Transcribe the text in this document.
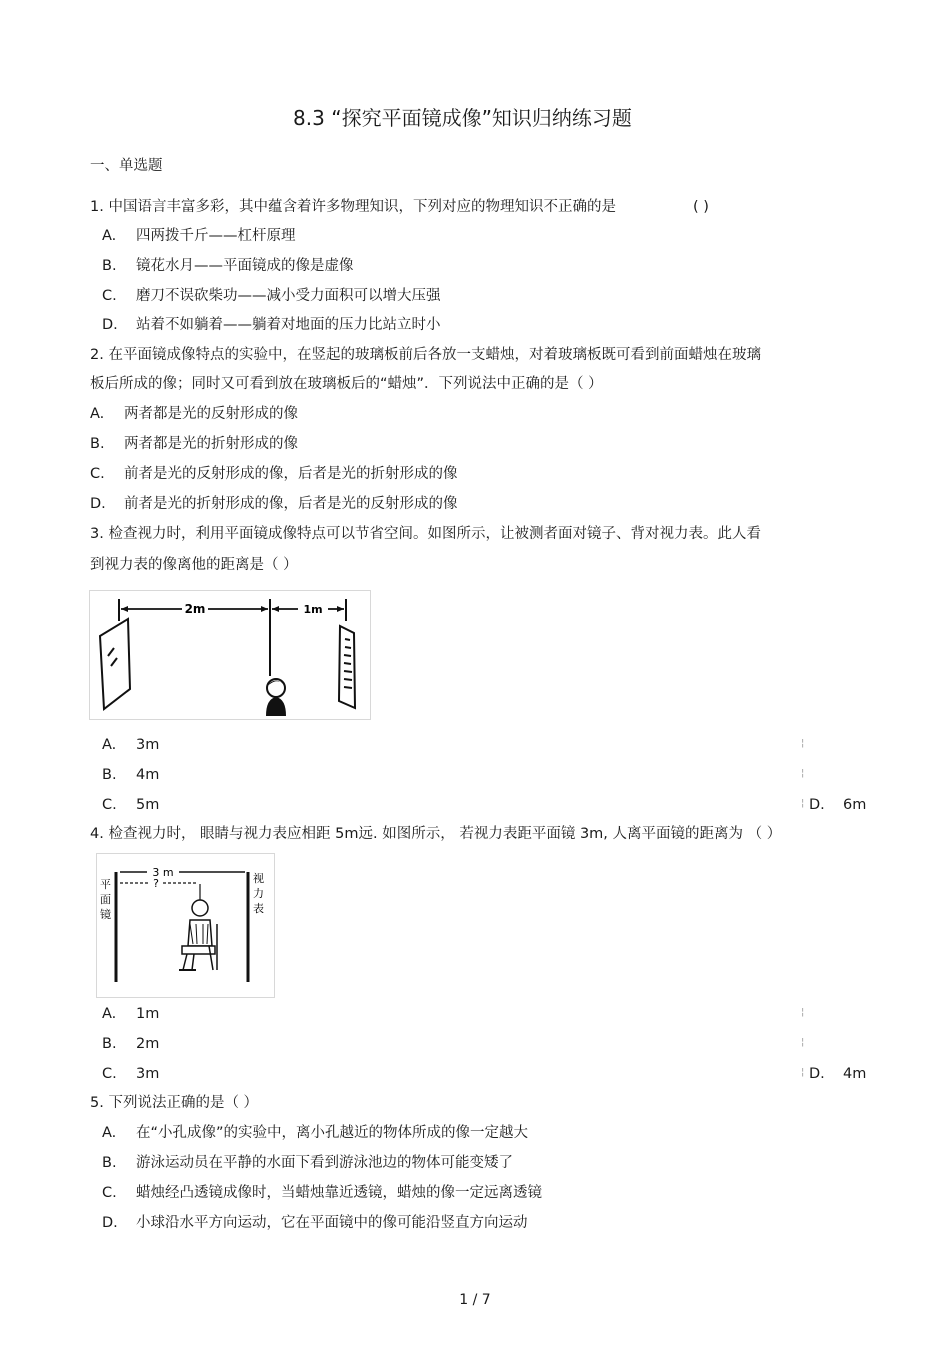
8.3 “探究平面镜成像”知识归纳练习题
一、单选题
1. 中国语言丰富多彩，其中蕴含着许多物理知识，下列对应的物理知识不正确的是	( )
A. 四两拨千斤——杠杆原理
B. 镜花水月——平面镜成的像是虚像
C. 磨刀不误砍柴功——减小受力面积可以增大压强
D. 站着不如躺着——躺着对地面的压力比站立时小
2. 在平面镜成像特点的实验中，在竖起的玻璃板前后各放一支蜡烛，对着玻璃板既可看到前面蜡烛在玻璃
板后所成的像；同时又可看到放在玻璃板后的“蜡烛”．下列说法中正确的是（ ）
A. 两者都是光的反射形成的像
B. 两者都是光的折射形成的像
C. 前者是光的反射形成的像，后者是光的折射形成的像
D. 前者是光的折射形成的像，后者是光的反射形成的像
3. 检查视力时，利用平面镜成像特点可以节省空间。如图所示，让被测者面对镜子、背对视力表。此人看
到视力表的像离他的距离是（ ）
2m	1m
A. 3m
B. 4m
C. 5m	D. 6m
¦
¦
¦
4. 检查视力时， 眼睛与视力表应相距 5m远. 如图所示， 若视力表距平面镜 3m, 人离平面镜的距离为 （ ）
平 面 镜
视 力 表
3 m
?
A. 1m
B. 2m
C. 3m	D. 4m
¦
¦
¦
5. 下列说法正确的是（ ）
A. 在“小孔成像”的实验中，离小孔越近的物体所成的像一定越大
B. 游泳运动员在平静的水面下看到游泳池边的物体可能变矮了
C. 蜡烛经凸透镜成像时，当蜡烛靠近透镜，蜡烛的像一定远离透镜
D. 小球沿水平方向运动，它在平面镜中的像可能沿竖直方向运动
1 / 7
